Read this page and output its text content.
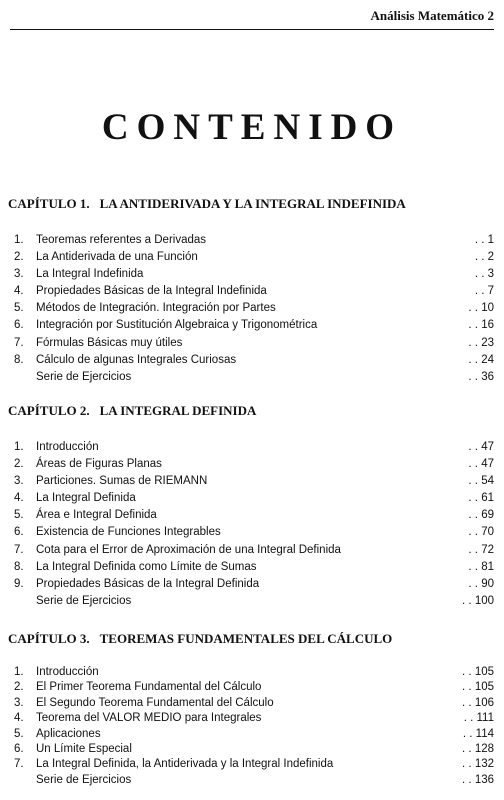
Análisis Matemático 2
CONTENIDO
CAPÍTULO 1. LA ANTIDERIVADA Y LA INTEGRAL INDEFINIDA
1.	Teoremas referentes a Derivadas	. . 1
2.	La Antiderivada de una Función	. . 2
3.	La Integral Indefinida	. . 3
4.	Propiedades Básicas de la Integral Indefinida	. . 7
5.	Métodos de Integración. Integración por Partes	. . 10
6.	Integración por Sustitución Algebraica y Trigonométrica	. . 16
7.	Fórmulas Básicas muy útiles	. . 23
8.	Cálculo de algunas Integrales Curiosas	. . 24
Serie de Ejercicios	. . 36
CAPÍTULO 2. LA INTEGRAL DEFINIDA
1.	Introducción	. . 47
2.	Áreas de Figuras Planas	. . 47
3.	Particiones. Sumas de RIEMANN	. . 54
4.	La Integral Definida	. . 61
5.	Área e Integral Definida	. . 69
6.	Existencia de Funciones Integrables	. . 70
7.	Cota para el Error de Aproximación de una Integral Definida	. . 72
8.	La Integral Definida como Límite de Sumas	. . 81
9.	Propiedades Básicas de la Integral Definida	. . 90
Serie de Ejercicios	. . 100
CAPÍTULO 3. TEOREMAS FUNDAMENTALES DEL CÁLCULO
1.	Introducción	. . 105
2.	El Primer Teorema Fundamental del Cálculo	. . 105
3.	El Segundo Teorema Fundamental del Cálculo	. . 106
4.	Teorema del VALOR MEDIO para Integrales	. . 111
5.	Aplicaciones	. . 114
6.	Un Límite Especial	. . 128
7.	La Integral Definida, la Antiderivada y la Integral Indefinida	. . 132
Serie de Ejercicios	. . 136
